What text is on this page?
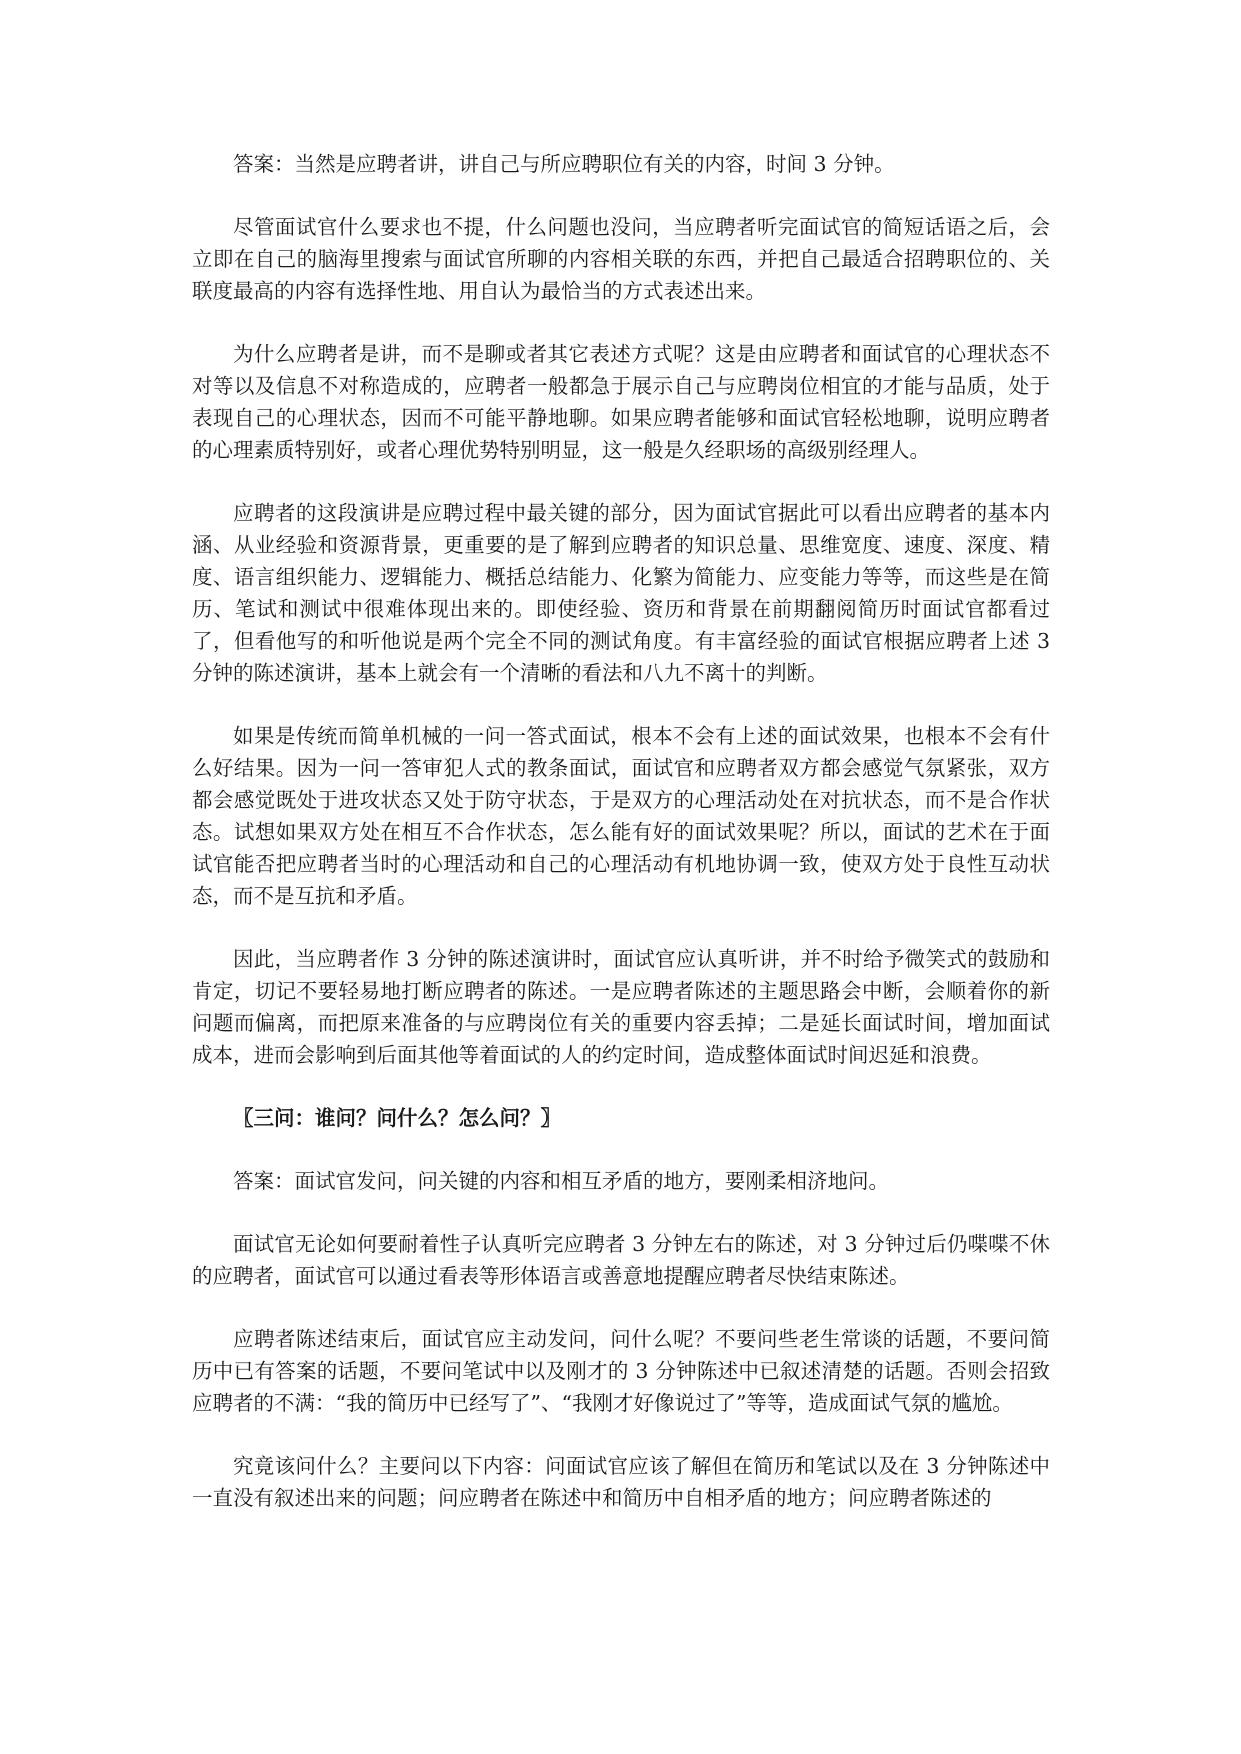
答案：当然是应聘者讲，讲自己与所应聘职位有关的内容，时间 3 分钟。

尽管面试官什么要求也不提，什么问题也没问，当应聘者听完面试官的简短话语之后，会立即在自己的脑海里搜索与面试官所聊的内容相关联的东西，并把自己最适合招聘职位的、关联度最高的内容有选择性地、用自认为最恰当的方式表述出来。

为什么应聘者是讲，而不是聊或者其它表述方式呢？这是由应聘者和面试官的心理状态不对等以及信息不对称造成的，应聘者一般都急于展示自己与应聘岗位相宜的才能与品质，处于表现自己的心理状态，因而不可能平静地聊。如果应聘者能够和面试官轻松地聊，说明应聘者的心理素质特别好，或者心理优势特别明显，这一般是久经职场的高级别经理人。

应聘者的这段演讲是应聘过程中最关键的部分，因为面试官据此可以看出应聘者的基本内涵、从业经验和资源背景，更重要的是了解到应聘者的知识总量、思维宽度、速度、深度、精度、语言组织能力、逻辑能力、概括总结能力、化繁为简能力、应变能力等等，而这些是在简历、笔试和测试中很难体现出来的。即使经验、资历和背景在前期翻阅简历时面试官都看过了，但看他写的和听他说是两个完全不同的测试角度。有丰富经验的面试官根据应聘者上述 3 分钟的陈述演讲，基本上就会有一个清晰的看法和八九不离十的判断。

如果是传统而简单机械的一问一答式面试，根本不会有上述的面试效果，也根本不会有什么好结果。因为一问一答审犯人式的教条面试，面试官和应聘者双方都会感觉气氛紧张，双方都会感觉既处于进攻状态又处于防守状态，于是双方的心理活动处在对抗状态，而不是合作状态。试想如果双方处在相互不合作状态，怎么能有好的面试效果呢？所以，面试的艺术在于面试官能否把应聘者当时的心理活动和自己的心理活动有机地协调一致，使双方处于良性互动状态，而不是互抗和矛盾。

因此，当应聘者作 3 分钟的陈述演讲时，面试官应认真听讲，并不时给予微笑式的鼓励和肯定，切记不要轻易地打断应聘者的陈述。一是应聘者陈述的主题思路会中断，会顺着你的新问题而偏离，而把原来准备的与应聘岗位有关的重要内容丢掉；二是延长面试时间，增加面试成本，进而会影响到后面其他等着面试的人的约定时间，造成整体面试时间迟延和浪费。

〖三问：谁问？问什么？怎么问？〗

答案：面试官发问，问关键的内容和相互矛盾的地方，要刚柔相济地问。

面试官无论如何要耐着性子认真听完应聘者 3 分钟左右的陈述，对 3 分钟过后仍喋喋不休的应聘者，面试官可以通过看表等形体语言或善意地提醒应聘者尽快结束陈述。

应聘者陈述结束后，面试官应主动发问，问什么呢？不要问些老生常谈的话题，不要问简历中已有答案的话题，不要问笔试中以及刚才的 3 分钟陈述中已叙述清楚的话题。否则会招致应聘者的不满：“我的简历中已经写了”、“我刚才好像说过了”等等，造成面试气氛的尴尬。

究竟该问什么？主要问以下内容：问面试官应该了解但在简历和笔试以及在 3 分钟陈述中一直没有叙述出来的问题；问应聘者在陈述中和简历中自相矛盾的地方；问应聘者陈述的
